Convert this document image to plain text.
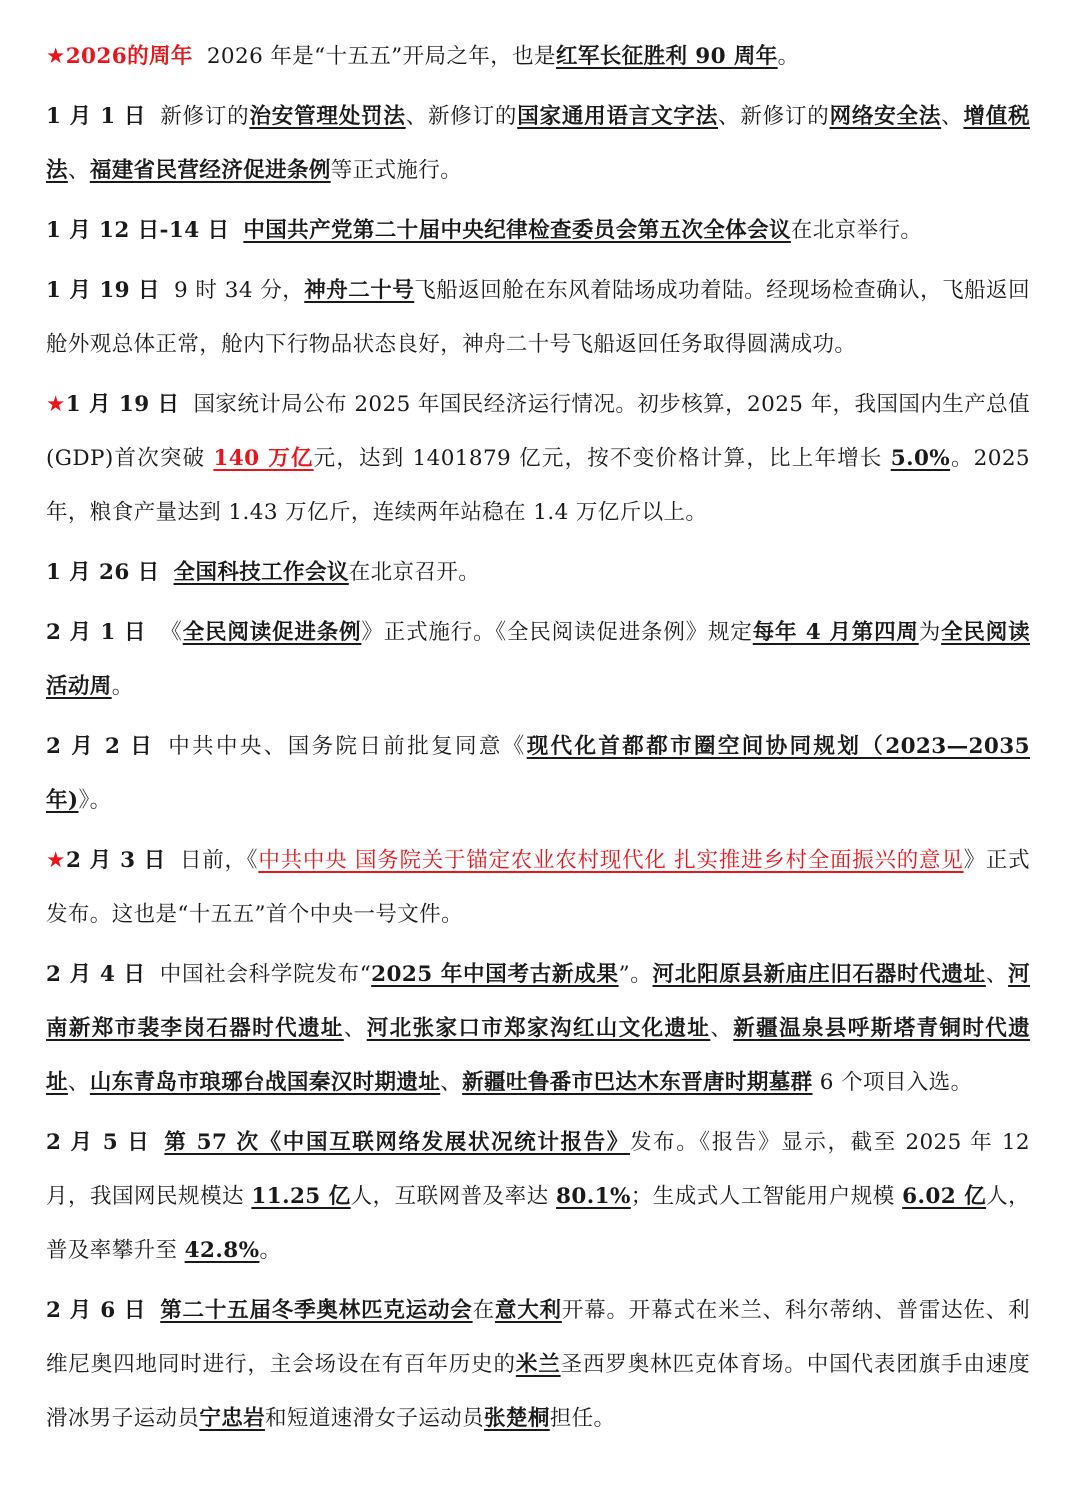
★2026的周年 2026 年是“十五五”开局之年，也是红军长征胜利 90 周年。

1 月 1 日 新修订的治安管理处罚法、新修订的国家通用语言文字法、新修订的网络安全法、增值税法、福建省民营经济促进条例等正式施行。

1 月 12 日-14 日 中国共产党第二十届中央纪律检查委员会第五次全体会议在北京举行。

1 月 19 日 9 时 34 分，神舟二十号飞船返回舱在东风着陆场成功着陆。经现场检查确认，飞船返回舱外观总体正常，舱内下行物品状态良好，神舟二十号飞船返回任务取得圆满成功。

★1 月 19 日 国家统计局公布 2025 年国民经济运行情况。初步核算，2025 年，我国国内生产总值(GDP)首次突破 140 万亿元，达到 1401879 亿元，按不变价格计算，比上年增长 5.0%。2025 年，粮食产量达到 1.43 万亿斤，连续两年站稳在 1.4 万亿斤以上。

1 月 26 日 全国科技工作会议在北京召开。

2 月 1 日 《全民阅读促进条例》正式施行。《全民阅读促进条例》规定每年 4 月第四周为全民阅读活动周。

2 月 2 日 中共中央、国务院日前批复同意《现代化首都都市圈空间协同规划（2023—2035 年)》。

★2 月 3 日 日前，《中共中央 国务院关于锚定农业农村现代化 扎实推进乡村全面振兴的意见》正式发布。这也是“十五五”首个中央一号文件。

2 月 4 日 中国社会科学院发布“2025 年中国考古新成果”。河北阳原县新庙庄旧石器时代遗址、河南新郑市裴李岗石器时代遗址、河北张家口市郑家沟红山文化遗址、新疆温泉县呼斯塔青铜时代遗址、山东青岛市琅琊台战国秦汉时期遗址、新疆吐鲁番市巴达木东晋唐时期墓群 6 个项目入选。

2 月 5 日 第 57 次《中国互联网络发展状况统计报告》发布。《报告》显示，截至 2025 年 12 月，我国网民规模达 11.25 亿人，互联网普及率达 80.1%；生成式人工智能用户规模 6.02 亿人，普及率攀升至 42.8%。

2 月 6 日 第二十五届冬季奥林匹克运动会在意大利开幕。开幕式在米兰、科尔蒂纳、普雷达佐、利维尼奥四地同时进行，主会场设在有百年历史的米兰圣西罗奥林匹克体育场。中国代表团旗手由速度滑冰男子运动员宁忠岩和短道速滑女子运动员张楚桐担任。
